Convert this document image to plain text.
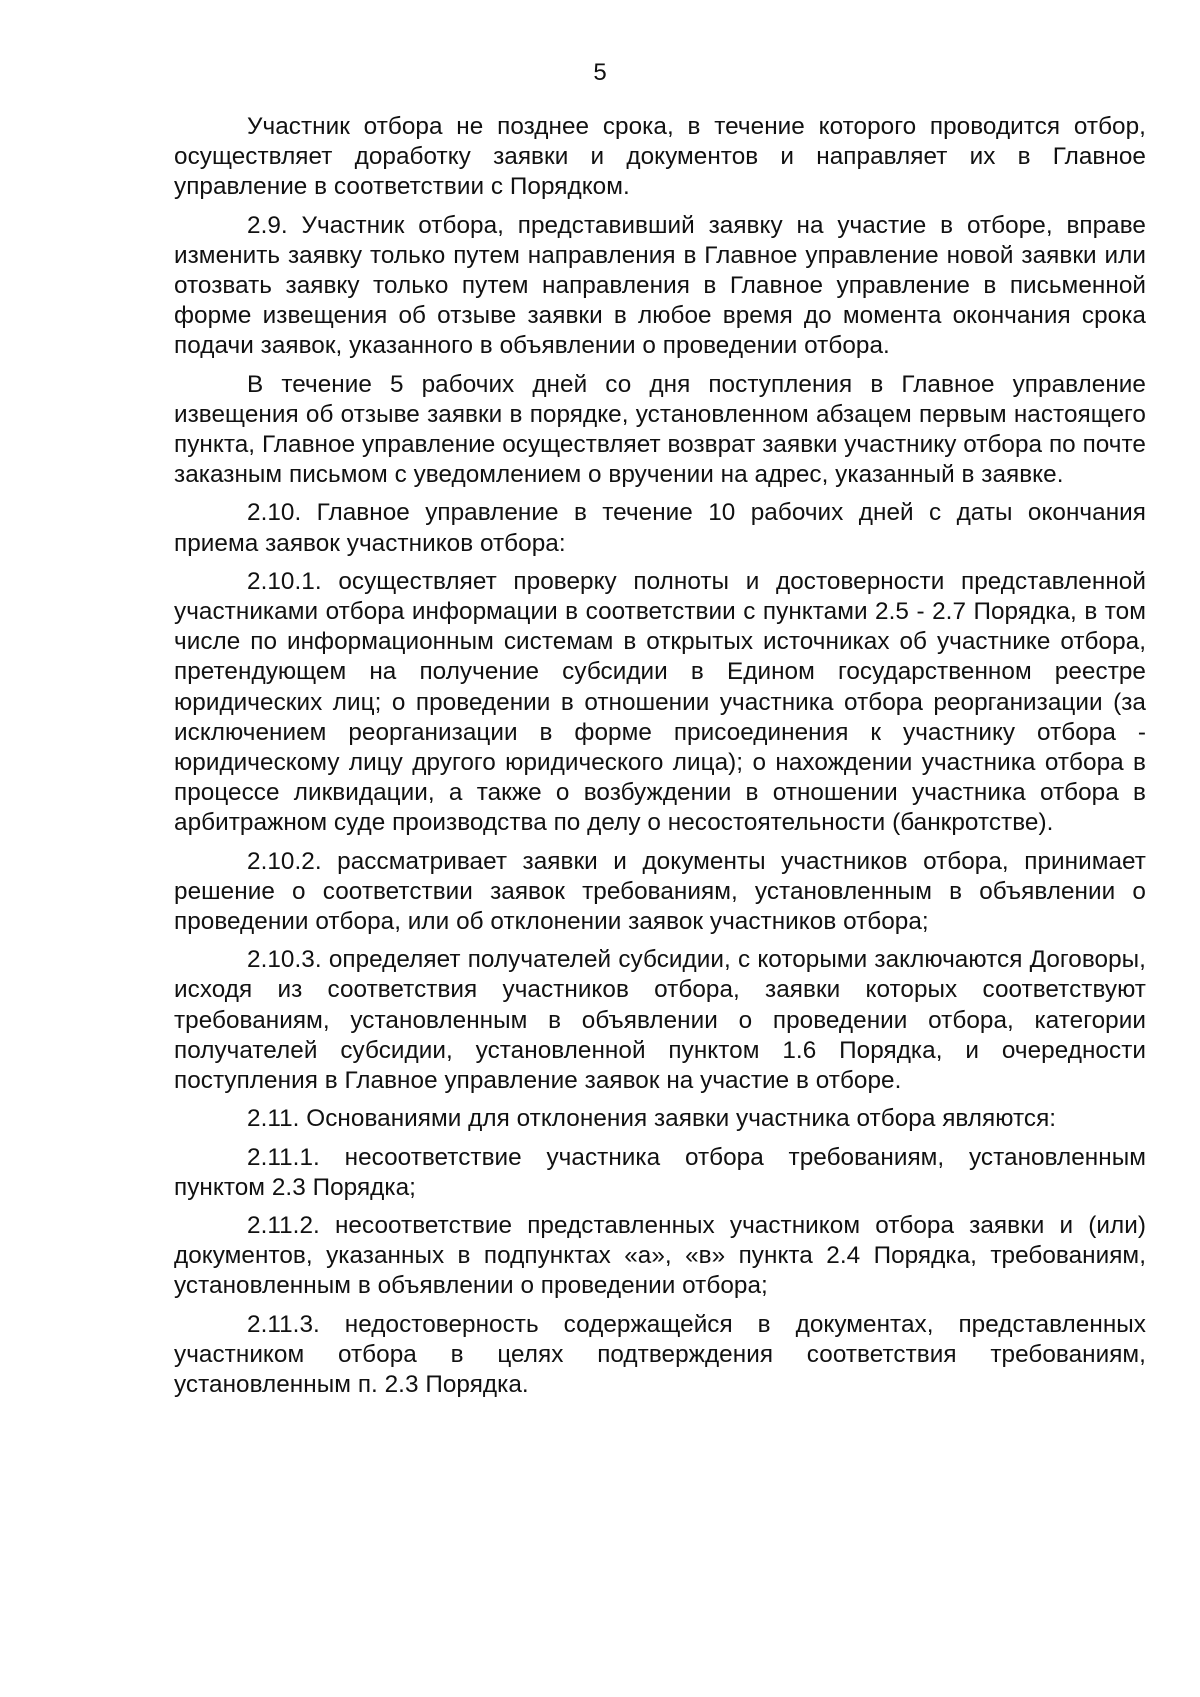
5

Участник отбора не позднее срока, в течение которого проводится отбор, осуществляет доработку заявки и документов и направляет их в Главное управление в соответствии с Порядком.

2.9. Участник отбора, представивший заявку на участие в отборе, вправе изменить заявку только путем направления в Главное управление новой заявки или отозвать заявку только путем направления в Главное управление в письменной форме извещения об отзыве заявки в любое время до момента окончания срока подачи заявок, указанного в объявлении о проведении отбора.

В течение 5 рабочих дней со дня поступления в Главное управление извещения об отзыве заявки в порядке, установленном абзацем первым настоящего пункта, Главное управление осуществляет возврат заявки участнику отбора по почте заказным письмом с уведомлением о вручении на адрес, указанный в заявке.

2.10. Главное управление в течение 10 рабочих дней с даты окончания приема заявок участников отбора:

2.10.1. осуществляет проверку полноты и достоверности представленной участниками отбора информации в соответствии с пунктами 2.5 - 2.7 Порядка, в том числе по информационным системам в открытых источниках об участнике отбора, претендующем на получение субсидии в Едином государственном реестре юридических лиц; о проведении в отношении участника отбора реорганизации (за исключением реорганизации в форме присоединения к участнику отбора - юридическому лицу другого юридического лица); о нахождении участника отбора в процессе ликвидации, а также о возбуждении в отношении участника отбора в арбитражном суде производства по делу о несостоятельности (банкротстве).

2.10.2. рассматривает заявки и документы участников отбора, принимает решение о соответствии заявок требованиям, установленным в объявлении о проведении отбора, или об отклонении заявок участников отбора;

2.10.3. определяет получателей субсидии, с которыми заключаются Договоры, исходя из соответствия участников отбора, заявки которых соответствуют требованиям, установленным в объявлении о проведении отбора, категории получателей субсидии, установленной пунктом 1.6 Порядка, и очередности поступления в Главное управление заявок на участие в отборе.

2.11. Основаниями для отклонения заявки участника отбора являются:

2.11.1. несоответствие участника отбора требованиям, установленным пунктом 2.3 Порядка;

2.11.2. несоответствие представленных участником отбора заявки и (или) документов, указанных в подпунктах «а», «в» пункта 2.4 Порядка, требованиям, установленным в объявлении о проведении отбора;

2.11.3. недостоверность содержащейся в документах, представленных участником отбора в целях подтверждения соответствия требованиям, установленным п. 2.3 Порядка.
